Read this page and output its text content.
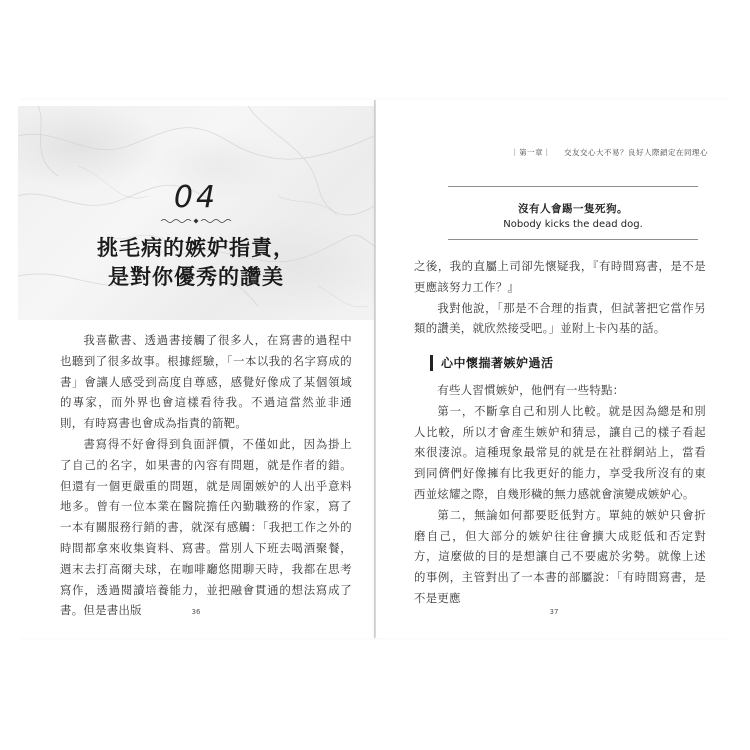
04
挑毛病的嫉妒指責，
是對你優秀的讚美

我喜歡書、透過書接觸了很多人，在寫書的過程中也聽到了很多故事。根據經驗，「一本以我的名字寫成的書」會讓人感受到高度自尊感，感覺好像成了某個領域的專家，而外界也會這樣看待我。不過這當然並非通則，有時寫書也會成為指責的箭靶。

書寫得不好會得到負面評價，不僅如此，因為掛上了自己的名字，如果書的內容有問題，就是作者的錯。但還有一個更嚴重的問題，就是周圍嫉妒的人出乎意料地多。曾有一位本業在醫院擔任內勤職務的作家，寫了一本有關服務行銷的書，就深有感觸：「我把工作之外的時間都拿來收集資料、寫書。當別人下班去喝酒聚餐，週末去打高爾夫球，在咖啡廳悠閒聊天時，我都在思考寫作，透過閱讀培養能力，並把融會貫通的想法寫成了書。但是書出版	36
｜第一章｜ 交友交心大不易？良好人際鎖定在同理心
沒有人會踢一隻死狗。
Nobody kicks the dead dog.

之後，我的直屬上司卻先懷疑我，『有時間寫書，是不是更應該努力工作？』

我對他說，「那是不合理的指責，但試著把它當作另類的讚美，就欣然接受吧。」並附上卡內基的話。

心中懷揣著嫉妒過活

有些人習慣嫉妒，他們有一些特點：

第一，不斷拿自己和別人比較。就是因為總是和別人比較，所以才會產生嫉妒和猜忌，讓自己的樣子看起來很淒涼。這種現象最常見的就是在社群網站上，當看到同儕們好像擁有比我更好的能力，享受我所沒有的東西並炫耀之際，自幾形穢的無力感就會演變成嫉妒心。

第二，無論如何都要貶低對方。單純的嫉妒只會折磨自己，但大部分的嫉妒往往會擴大成貶低和否定對方，這麼做的目的是想讓自己不要處於劣勢。就像上述的事例，主管對出了一本書的部屬說：「有時間寫書，是不是更應

37
